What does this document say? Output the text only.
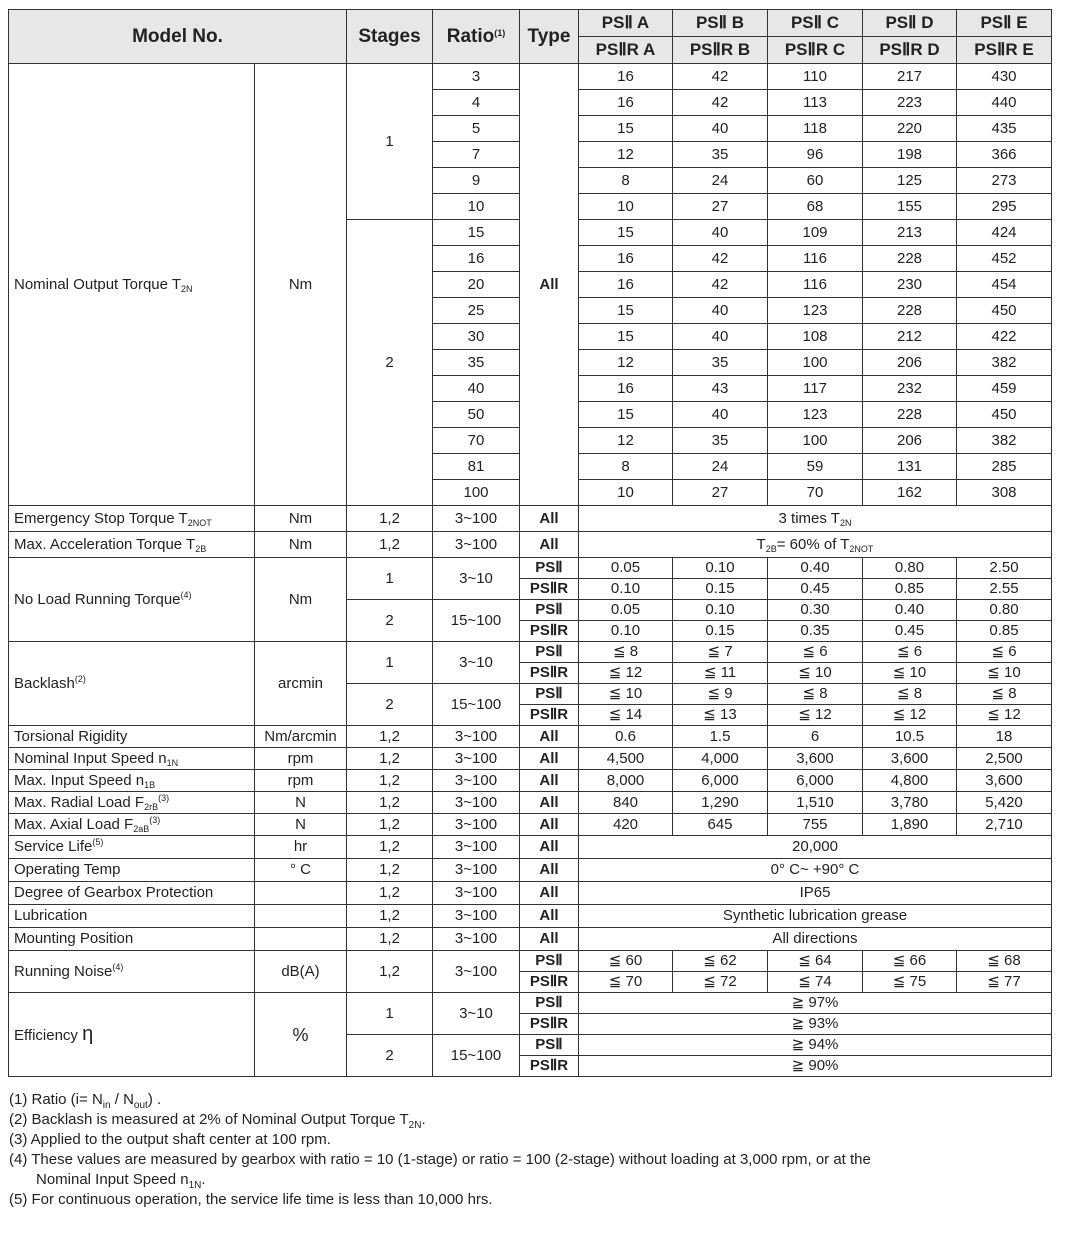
Model No.		Stages	Ratio$^{(1)}$	Type	PSⅡ A	PSⅡ B	PSⅡ C	PSⅡ D	PSⅡ E
					PSⅡR A	PSⅡR B	PSⅡR C	PSⅡR D	PSⅡR E
Nominal Output Torque $T_{2N}$	Nm	1	3	All	16	42	110	217	430
			4		16	42	113	223	440
			5		15	40	118	220	435
			7		12	35	96	198	366
			9		8	24	60	125	273
			10		10	27	68	155	295
		2	15		15	40	109	213	424
			16		16	42	116	228	452
			20		16	42	116	230	454
			25		15	40	123	228	450
			30		15	40	108	212	422
			35		12	35	100	206	382
			40		16	43	117	232	459
			50		15	40	123	228	450
			70		12	35	100	206	382
			81		8	24	59	131	285
			100		10	27	70	162	308
Emergency Stop Torque $T_{2NOT}$	Nm	1,2	3~100	All	3 times $T_{2N}$
Max. Acceleration Torque $T_{2B}$	Nm	1,2	3~100	All	$T_{2B}= 60\%$ of $T_{2NOT}$
No Load Running Torque$^{(4)}$	Nm	1	3~10	PSⅡ	0.05	0.10	0.40	0.80	2.50
				PSⅡR	0.10	0.15	0.45	0.85	2.55
		2	15~100	PSⅡ	0.05	0.10	0.30	0.40	0.80
				PSⅡR	0.10	0.15	0.35	0.45	0.85
Backlash$^{(2)}$	arcmin	1	3~10	PSⅡ	≦ 8	≦ 7	≦ 6	≦ 6	≦ 6
				PSⅡR	≦ 12	≦ 11	≦ 10	≦ 10	≦ 10
		2	15~100	PSⅡ	≦ 10	≦ 9	≦ 8	≦ 8	≦ 8
				PSⅡR	≦ 14	≦ 13	≦ 12	≦ 12	≦ 12
Torsional Rigidity	Nm/arcmin	1,2	3~100	All	0.6	1.5	6	10.5	18
Nominal Input Speed $n_{1N}$	rpm	1,2	3~100	All	4,500	4,000	3,600	3,600	2,500
Max. Input Speed $n_{1B}$	rpm	1,2	3~100	All	8,000	6,000	6,000	4,800	3,600
Max. Radial Load $F_{2rB}^{(3)}$	N	1,2	3~100	All	840	1,290	1,510	3,780	5,420
Max. Axial Load $F_{2aB}^{(3)}$	N	1,2	3~100	All	420	645	755	1,890	2,710
Service Life$^{(5)}$	hr	1,2	3~100	All	20,000				
Operating Temp	° C	1,2	3~100	All	0° C~ +90° C				
Degree of Gearbox Protection		1,2	3~100	All	IP65				
Lubrication		1,2	3~100	All	Synthetic lubrication grease				
Mounting Position		1,2	3~100	All	All directions				
Running Noise$^{(4)}$	dB(A)	1,2	3~100	PSⅡ	≦ 60	≦ 62	≦ 64	≦ 66	≦ 68
				PSⅡR	≦ 70	≦ 72	≦ 74	≦ 75	≦ 77
Efficiency η	%	1	3~10	PSⅡ	≧ 97%				
				PSⅡR	≧ 93%				
		2	15~100	PSⅡ	≧ 94%				
				PSⅡR	≧ 90%				

(1) Ratio $(i= N_{in} / N_{out})$ .

(2) Backlash is measured at 2% of Nominal Output Torque $T_{2N}$.

(3) Applied to the output shaft center at 100 rpm.

(4) These values are measured by gearbox with ratio = 10 (1-stage) or ratio = 100 (2-stage) without loading at 3,000 rpm, or at the

Nominal Input Speed $n_{1N}$.

(5) For continuous operation, the service life time is less than 10,000 hrs.
